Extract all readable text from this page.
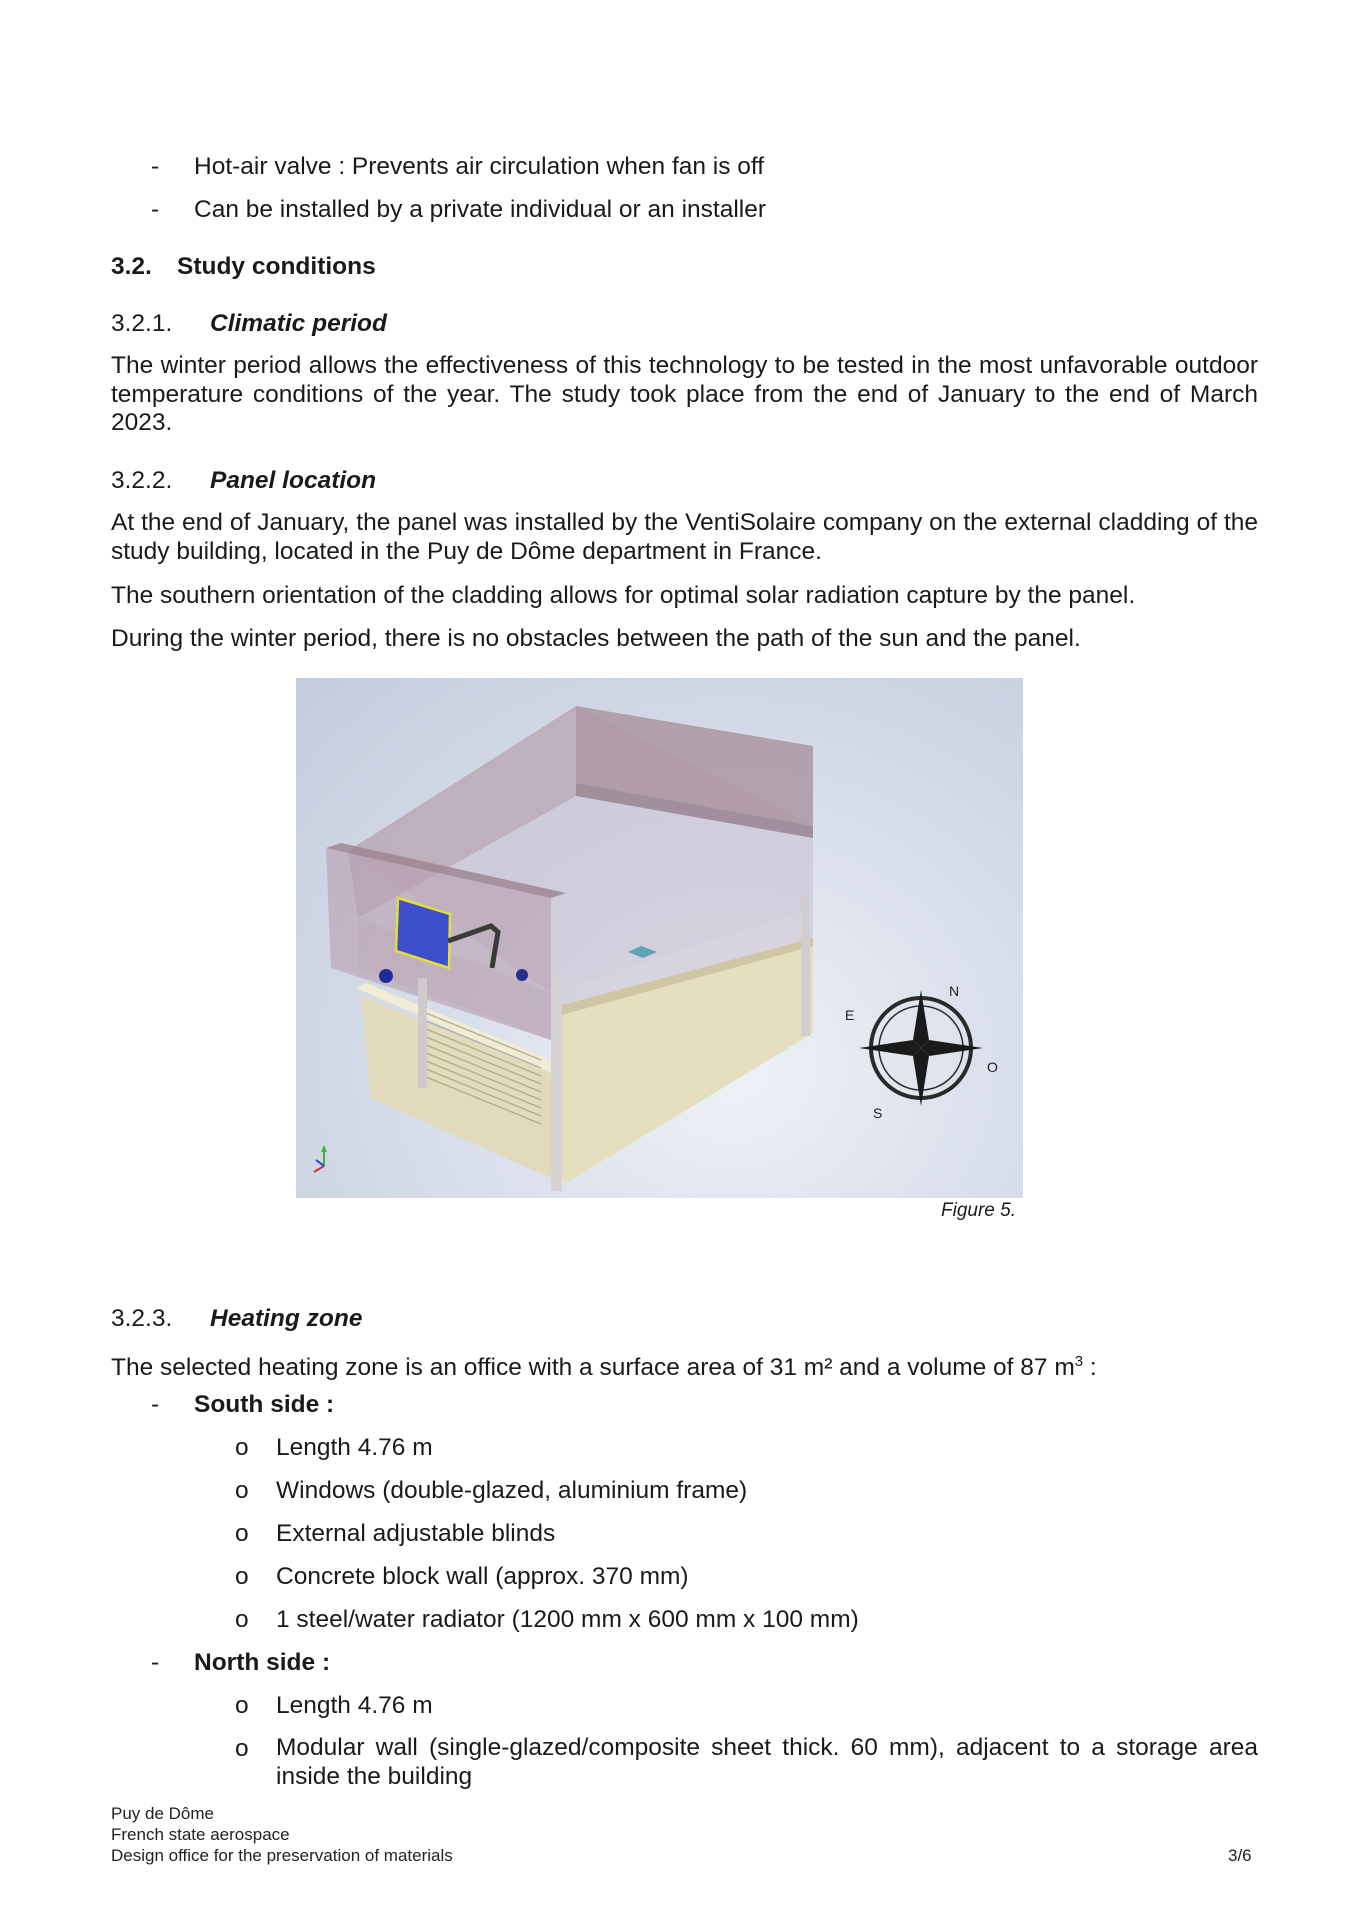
- Hot-air valve : Prevents air circulation when fan is off
- Can be installed by a private individual or an installer
3.2. Study conditions
3.2.1. Climatic period
The winter period allows the effectiveness of this technology to be tested in the most unfavorable outdoor temperature conditions of the year. The study took place from the end of January to the end of March 2023.
3.2.2. Panel location
At the end of January, the panel was installed by the VentiSolaire company on the external cladding of the study building, located in the Puy de Dôme department in France.
The southern orientation of the cladding allows for optimal solar radiation capture by the panel.
During the winter period, there is no obstacles between the path of the sun and the panel.
N
E
S
O
Figure 5.
3.2.3. Heating zone
The selected heating zone is an office with a surface area of 31 m² and a volume of 87 $m^3$ :
- South side :
o Length 4.76 m
o Windows (double-glazed, aluminium frame)
o External adjustable blinds
o Concrete block wall (approx. 370 mm)
o 1 steel/water radiator (1200 mm x 600 mm x 100 mm)
- North side :
o Length 4.76 m
o Modular wall (single-glazed/composite sheet thick. 60 mm), adjacent to a storage area inside the building
Puy de Dôme
French state aerospace
Design office for the preservation of materials	3/6
